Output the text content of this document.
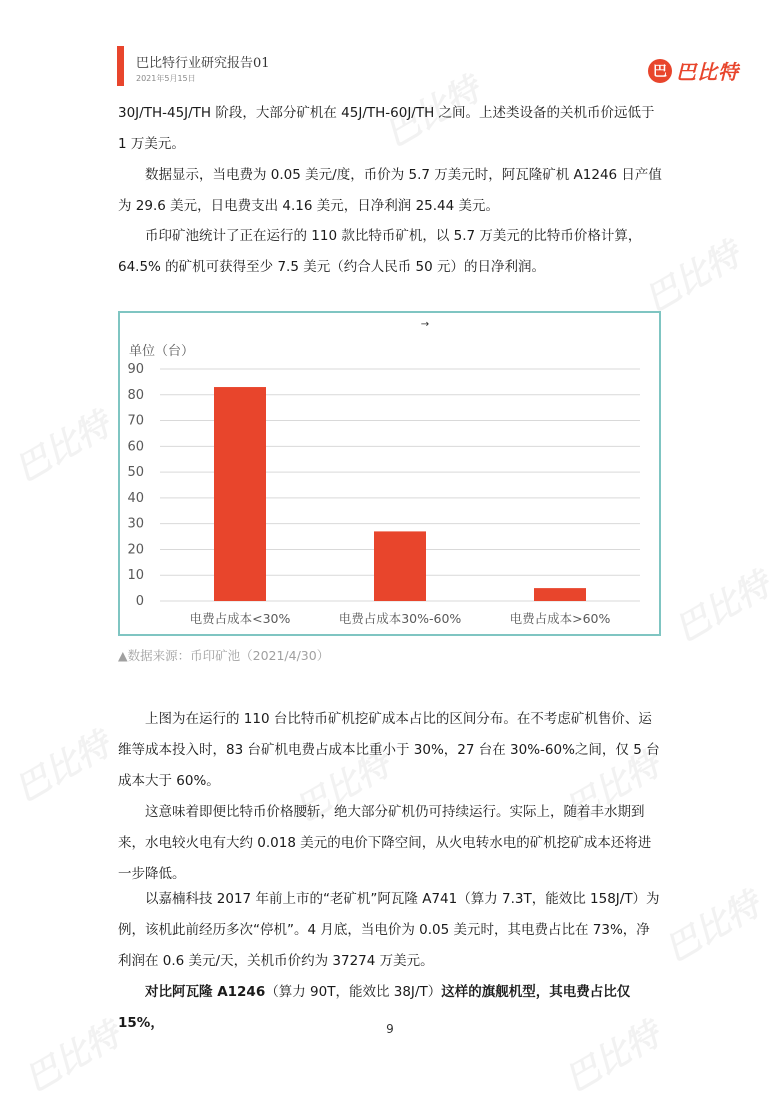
巴比特
巴比特
巴比特
巴比特
巴比特	巴比特	巴比特
巴比特
巴比特	巴比特
巴比特行业研究报告01
2021年5月15日	巴 巴比特
30J/TH-45J/TH 阶段，大部分矿机在 45J/TH-60J/TH 之间。上述类设备的关机币价远低于 1 万美元。
数据显示，当电费为 0.05 美元/度，币价为 5.7 万美元时，阿瓦隆矿机 A1246 日产值为 29.6 美元，日电费支出 4.16 美元，日净利润 25.44 美元。
币印矿池统计了正在运行的 110 款比特币矿机，以 5.7 万美元的比特币价格计算，64.5% 的矿机可获得至少 7.5 美元（约合人民币 50 元）的日净利润。
→
单位（台）
0
10
20
30
40
50
60
70
80
90
电费占成本<30%	电费占成本30%-60%	电费占成本>60%
▲数据来源：币印矿池（2021/4/30）
上图为在运行的 110 台比特币矿机挖矿成本占比的区间分布。在不考虑矿机售价、运维等成本投入时，83 台矿机电费占成本比重小于 30%，27 台在 30%-60%之间，仅 5 台成本大于 60%。
这意味着即便比特币价格腰斩，绝大部分矿机仍可持续运行。实际上，随着丰水期到来，水电较火电有大约 0.018 美元的电价下降空间，从火电转水电的矿机挖矿成本还将进一步降低。
以嘉楠科技 2017 年前上市的“老矿机”阿瓦隆 A741（算力 7.3T，能效比 158J/T）为例，该机此前经历多次“停机”。4 月底，当电价为 0.05 美元时，其电费占比在 73%，净利润在 0.6 美元/天，关机币价约为 37274 万美元。
对比阿瓦隆 A1246（算力 90T，能效比 38J/T）这样的旗舰机型，其电费占比仅 15%，	9
